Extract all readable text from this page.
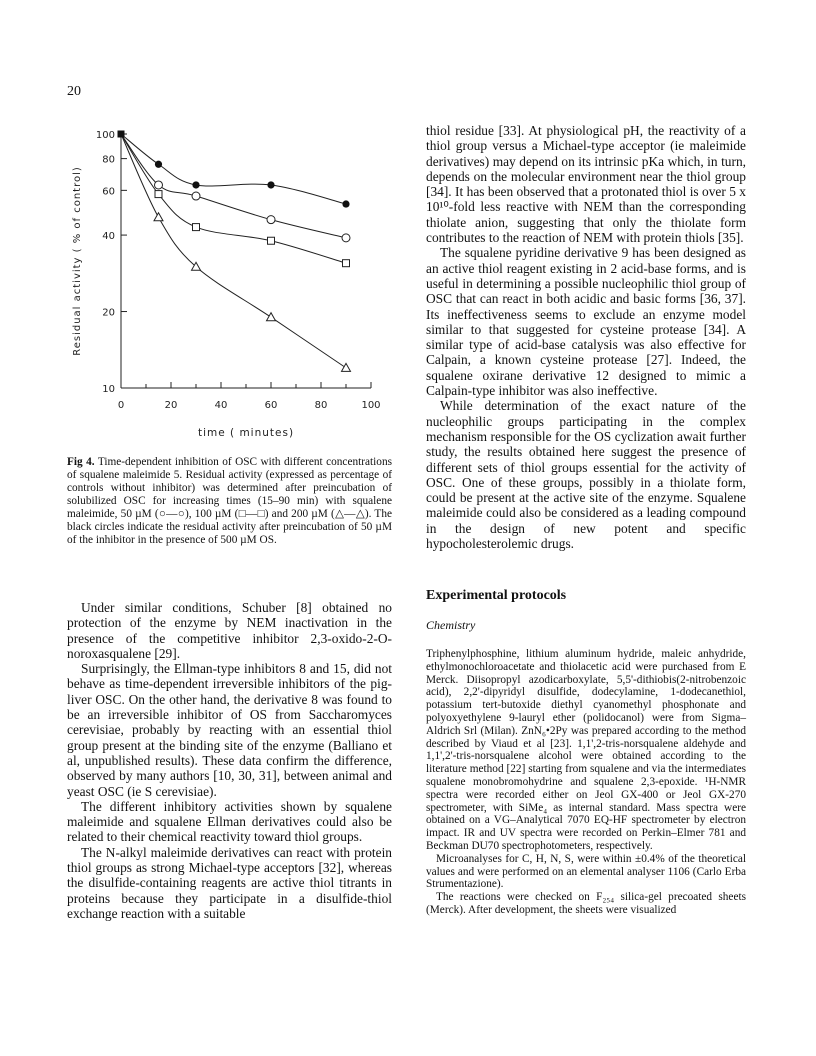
20
0	20	40	60	80	100
10
20
40
60
80
100
time ( minutes)
Residual activity ( % of control)
Fig 4. Time-dependent inhibition of OSC with different concentrations of squalene maleimide 5. Residual activity (expressed as percentage of controls without inhibitor) was determined after preincubation of solubilized OSC for increasing times (15–90 min) with squalene maleimide, 50 µM (○—○), 100 µM (□—□) and 200 µM (△—△). The black circles indicate the residual activity after preincubation of 50 µM of the inhibitor in the presence of 500 µM OS.

Under similar conditions, Schuber [8] obtained no protection of the enzyme by NEM inactivation in the presence of the competitive inhibitor 2,3-oxido-2-O-noroxasqualene [29].

Surprisingly, the Ellman-type inhibitors 8 and 15, did not behave as time-dependent irreversible inhibitors of the pig-liver OSC. On the other hand, the derivative 8 was found to be an irreversible inhibitor of OS from Saccharomyces cerevisiae, probably by reacting with an essential thiol group present at the binding site of the enzyme (Balliano et al, unpublished results). These data confirm the difference, observed by many authors [10, 30, 31], between animal and yeast OSC (ie S cerevisiae).

The different inhibitory activities shown by squalene maleimide and squalene Ellman derivatives could also be related to their chemical reactivity toward thiol groups.

The N-alkyl maleimide derivatives can react with protein thiol groups as strong Michael-type acceptors [32], whereas the disulfide-containing reagents are active thiol titrants in proteins because they participate in a disulfide-thiol exchange reaction with a suitable

thiol residue [33]. At physiological pH, the reactivity of a thiol group versus a Michael-type acceptor (ie maleimide derivatives) may depend on its intrinsic pKa which, in turn, depends on the molecular environment near the thiol group [34]. It has been observed that a protonated thiol is over 5 x 10¹⁰-fold less reactive with NEM than the corresponding thiolate anion, suggesting that only the thiolate form contributes to the reaction of NEM with protein thiols [35].

The squalene pyridine derivative 9 has been designed as an active thiol reagent existing in 2 acid-base forms, and is useful in determining a possible nucleophilic thiol group of OSC that can react in both acidic and basic forms [36, 37]. Its ineffectiveness seems to exclude an enzyme model similar to that suggested for cysteine protease [34]. A similar type of acid-base catalysis was also effective for Calpain, a known cysteine protease [27]. Indeed, the squalene oxirane derivative 12 designed to mimic a Calpain-type inhibitor was also ineffective.

While determination of the exact nature of the nucleophilic groups participating in the complex mechanism responsible for the OS cyclization await further study, the results obtained here suggest the presence of different sets of thiol groups essential for the activity of OSC. One of these groups, possibly in a thiolate form, could be present at the active site of the enzyme. Squalene maleimide could also be considered as a leading compound in the design of new potent and specific hypocholesterolemic drugs.

Experimental protocols
Chemistry

Triphenylphosphine, lithium aluminum hydride, maleic anhydride, ethylmonochloroacetate and thiolacetic acid were purchased from E Merck. Diisopropyl azodicarboxylate, 5,5'-dithiobis(2-nitrobenzoic acid), 2,2'-dipyridyl disulfide, dodecylamine, 1-dodecanethiol, potassium tert-butoxide diethyl cyanomethyl phosphonate and polyoxyethylene 9-lauryl ether (polidocanol) were from Sigma–Aldrich Srl (Milan). ZnN₆•2Py was prepared according to the method described by Viaud et al [23]. 1,1',2-tris-norsqualene aldehyde and 1,1',2'-tris-norsqualene alcohol were obtained according to the literature method [22] starting from squalene and via the intermediates squalene monobromohydrine and squalene 2,3-epoxide. ¹H-NMR spectra were recorded either on Jeol GX-400 or Jeol GX-270 spectrometer, with SiMe₄ as internal standard. Mass spectra were obtained on a VG–Analytical 7070 EQ-HF spectrometer by electron impact. IR and UV spectra were recorded on Perkin–Elmer 781 and Beckman DU70 spectrophotometers, respectively.

Microanalyses for C, H, N, S, were within ±0.4% of the theoretical values and were performed on an elemental analyser 1106 (Carlo Erba Strumentazione).

The reactions were checked on F₂₅₄ silica-gel precoated sheets (Merck). After development, the sheets were visualized
